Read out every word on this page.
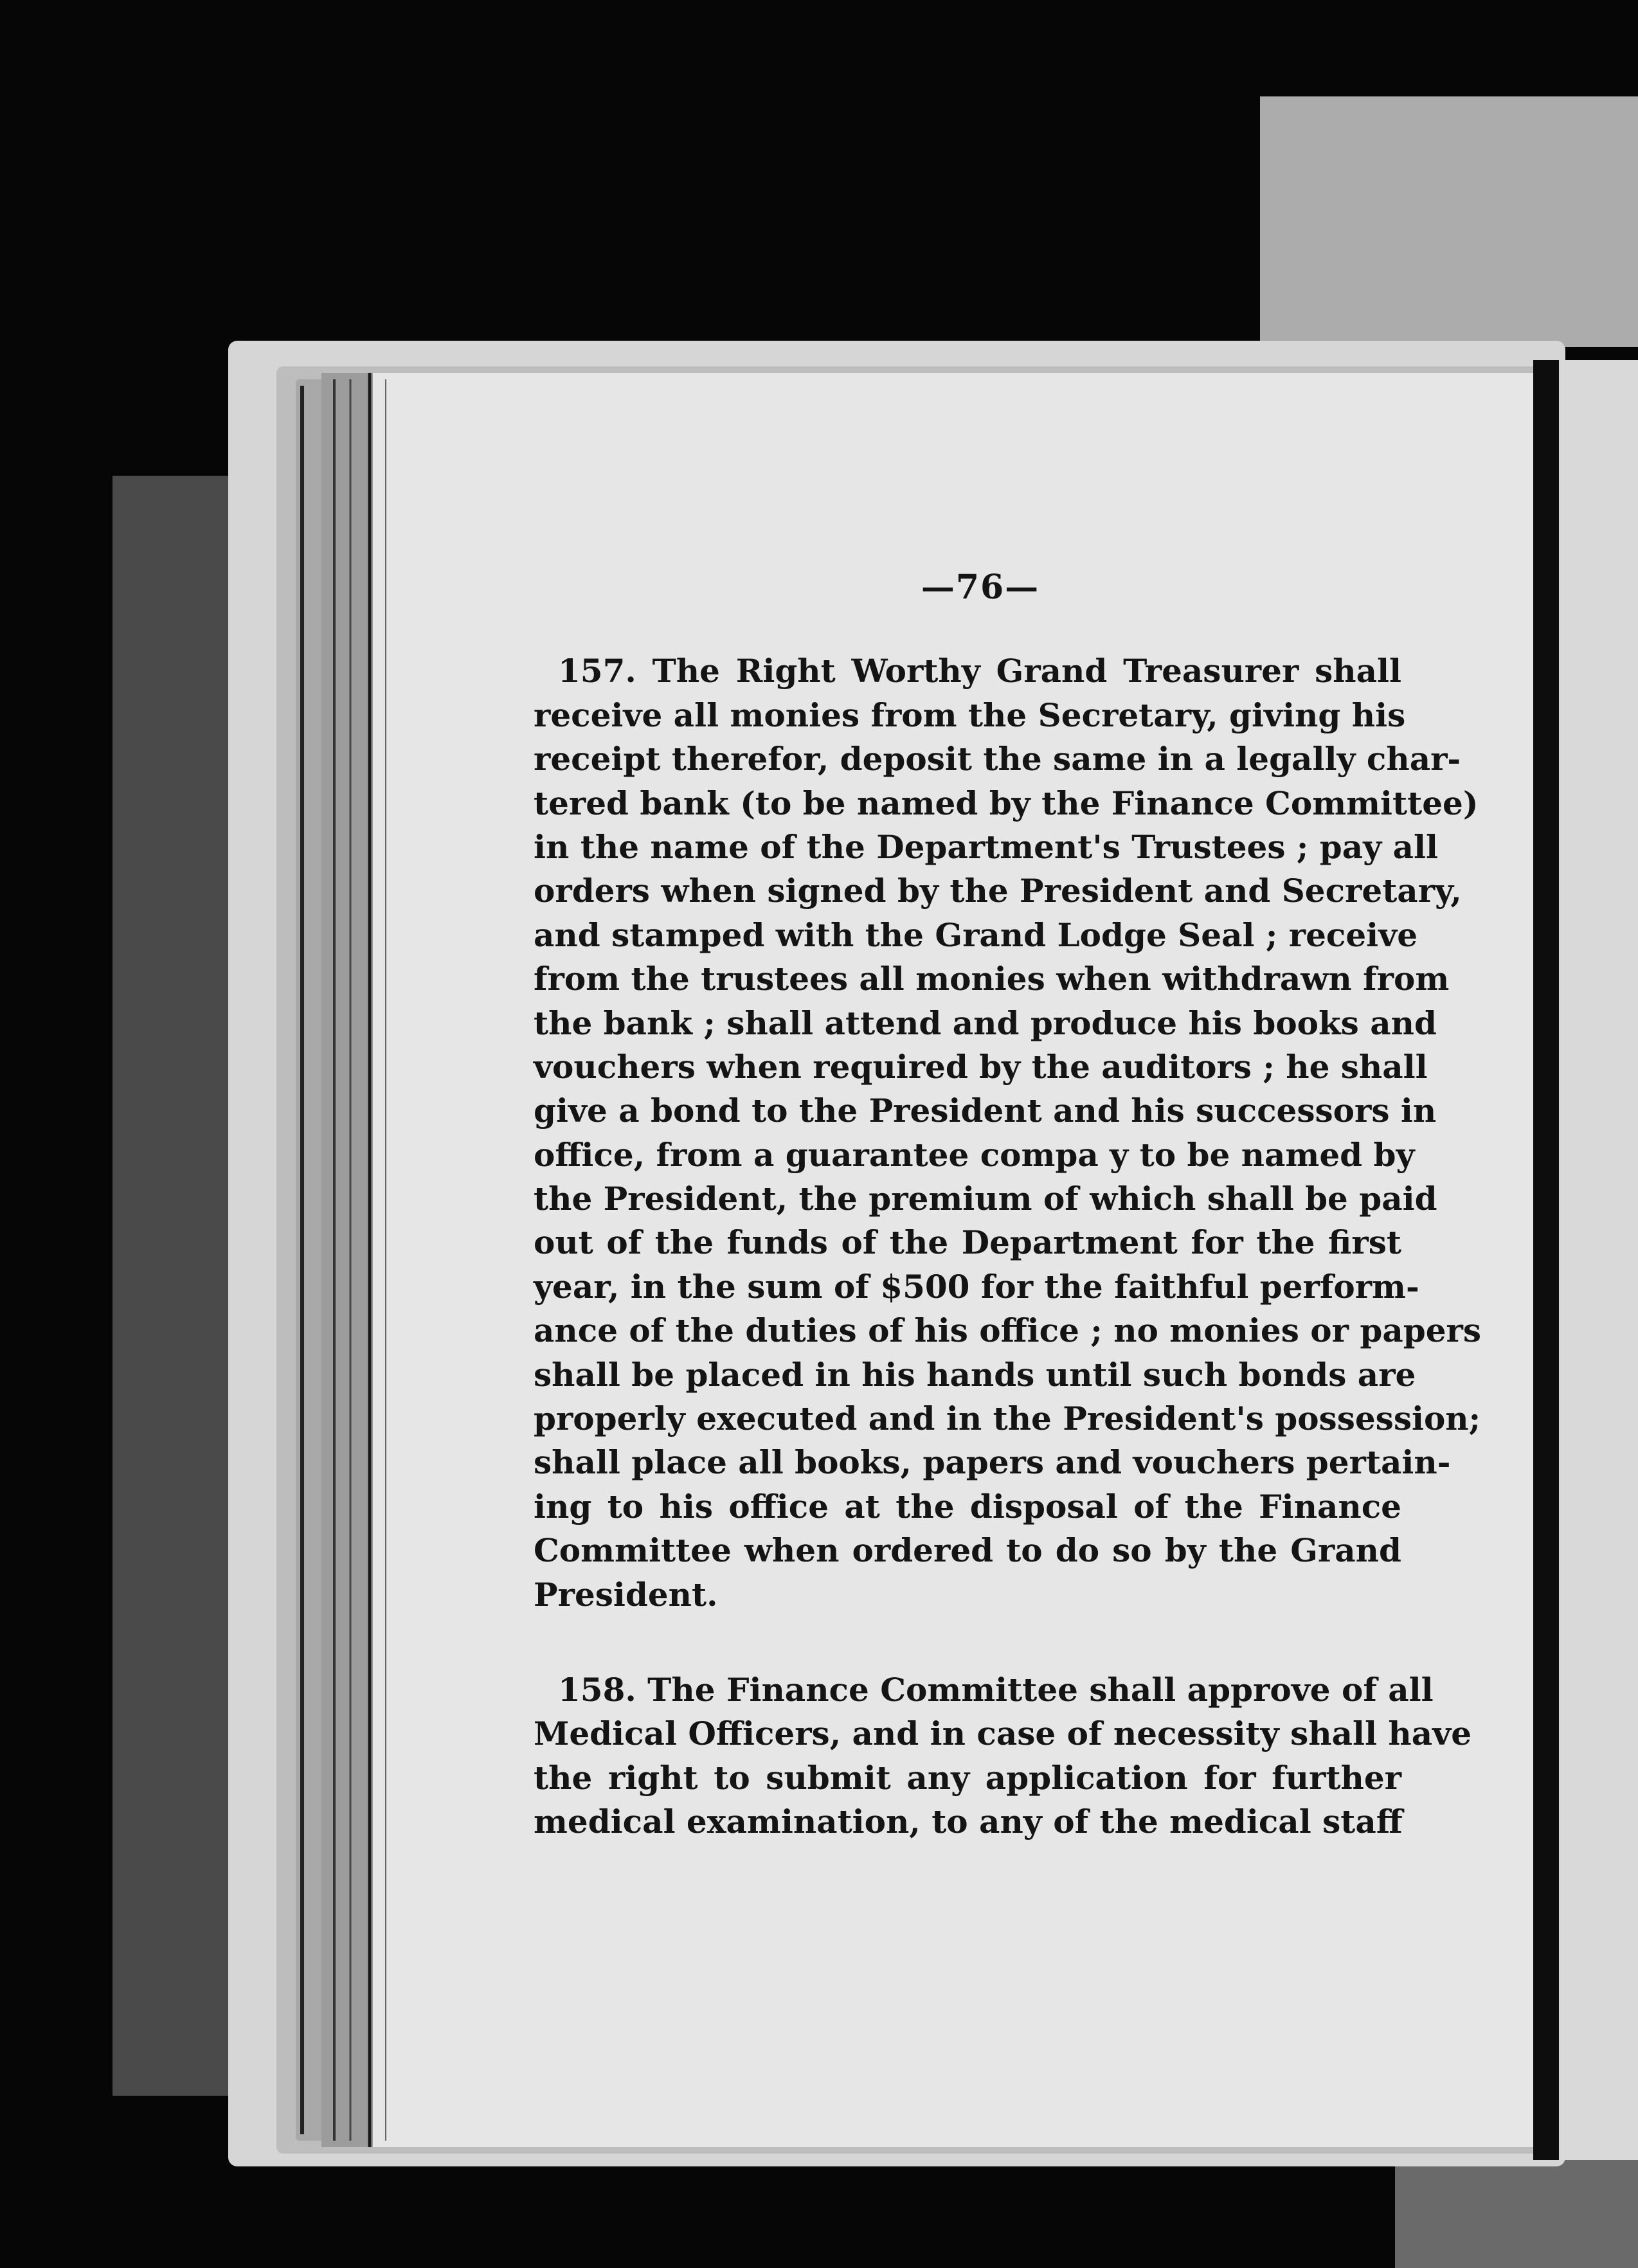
—76—
157. The Right Worthy Grand Treasurer shall
receive all monies from the Secretary, giving his
receipt therefor, deposit the same in a legally char-
tered bank (to be named by the Finance Committee)
in the name of the Department's Trustees ; pay all
orders when signed by the President and Secretary,
and stamped with the Grand Lodge Seal ; receive
from the trustees all monies when withdrawn from
the bank ; shall attend and produce his books and
vouchers when required by the auditors ; he shall
give a bond to the President and his successors in
office, from a guarantee compa y to be named by
the President, the premium of which shall be paid
out of the funds of the Department for the first
year, in the sum of $500 for the faithful perform-
ance of the duties of his office ; no monies or papers
shall be placed in his hands until such bonds are
properly executed and in the President's possession;
shall place all books, papers and vouchers pertain-
ing to his office at the disposal of the Finance
Committee when ordered to do so by the Grand
President.
158. The Finance Committee shall approve of all
Medical Officers, and in case of necessity shall have
the right to submit any application for further
medical examination, to any of the medical staff
